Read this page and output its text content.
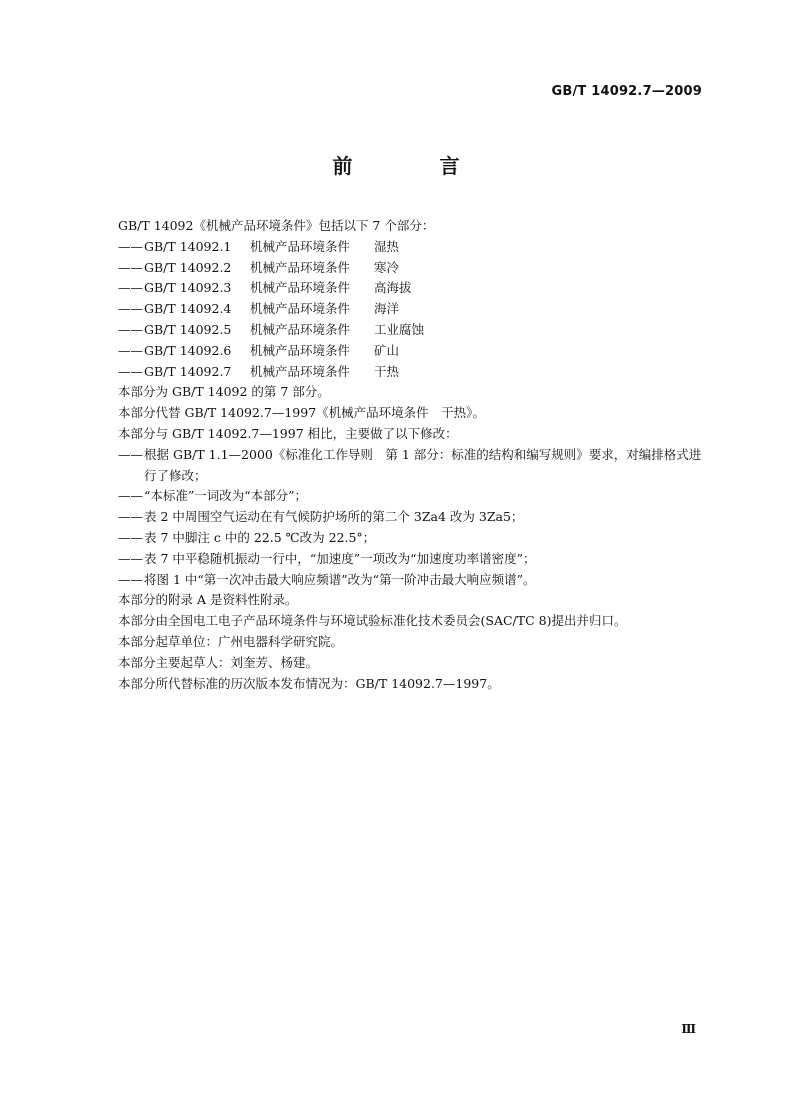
GB/T 14092.7—2009
前 言
GB/T 14092《机械产品环境条件》包括以下 7 个部分：
—— GB/T 14092.1 机械产品环境条件 湿热
—— GB/T 14092.2 机械产品环境条件 寒冷
—— GB/T 14092.3 机械产品环境条件 高海拔
—— GB/T 14092.4 机械产品环境条件 海洋
—— GB/T 14092.5 机械产品环境条件 工业腐蚀
—— GB/T 14092.6 机械产品环境条件 矿山
—— GB/T 14092.7 机械产品环境条件 干热
本部分为 GB/T 14092 的第 7 部分。
本部分代替 GB/T 14092.7—1997《机械产品环境条件　干热》。
本部分与 GB/T 14092.7—1997 相比，主要做了以下修改：
—— 根据 GB/T 1.1—2000《标准化工作导则　第 1 部分：标准的结构和编写规则》要求，对编排格式进行了修改；
—— “本标准”一词改为“本部分”；
—— 表 2 中周围空气运动在有气候防护场所的第二个 3Za4 改为 3Za5；
—— 表 7 中脚注 c 中的 22.5 ℃改为 22.5°；
—— 表 7 中平稳随机振动一行中，“加速度”一项改为“加速度功率谱密度”；
—— 将图 1 中“第一次冲击最大响应频谱”改为“第一阶冲击最大响应频谱”。
本部分的附录 A 是资料性附录。
本部分由全国电工电子产品环境条件与环境试验标准化技术委员会(SAC/TC 8)提出并归口。
本部分起草单位：广州电器科学研究院。
本部分主要起草人：刘奎芳、杨建。
本部分所代替标准的历次版本发布情况为：GB/T 14092.7—1997。
Ⅲ
